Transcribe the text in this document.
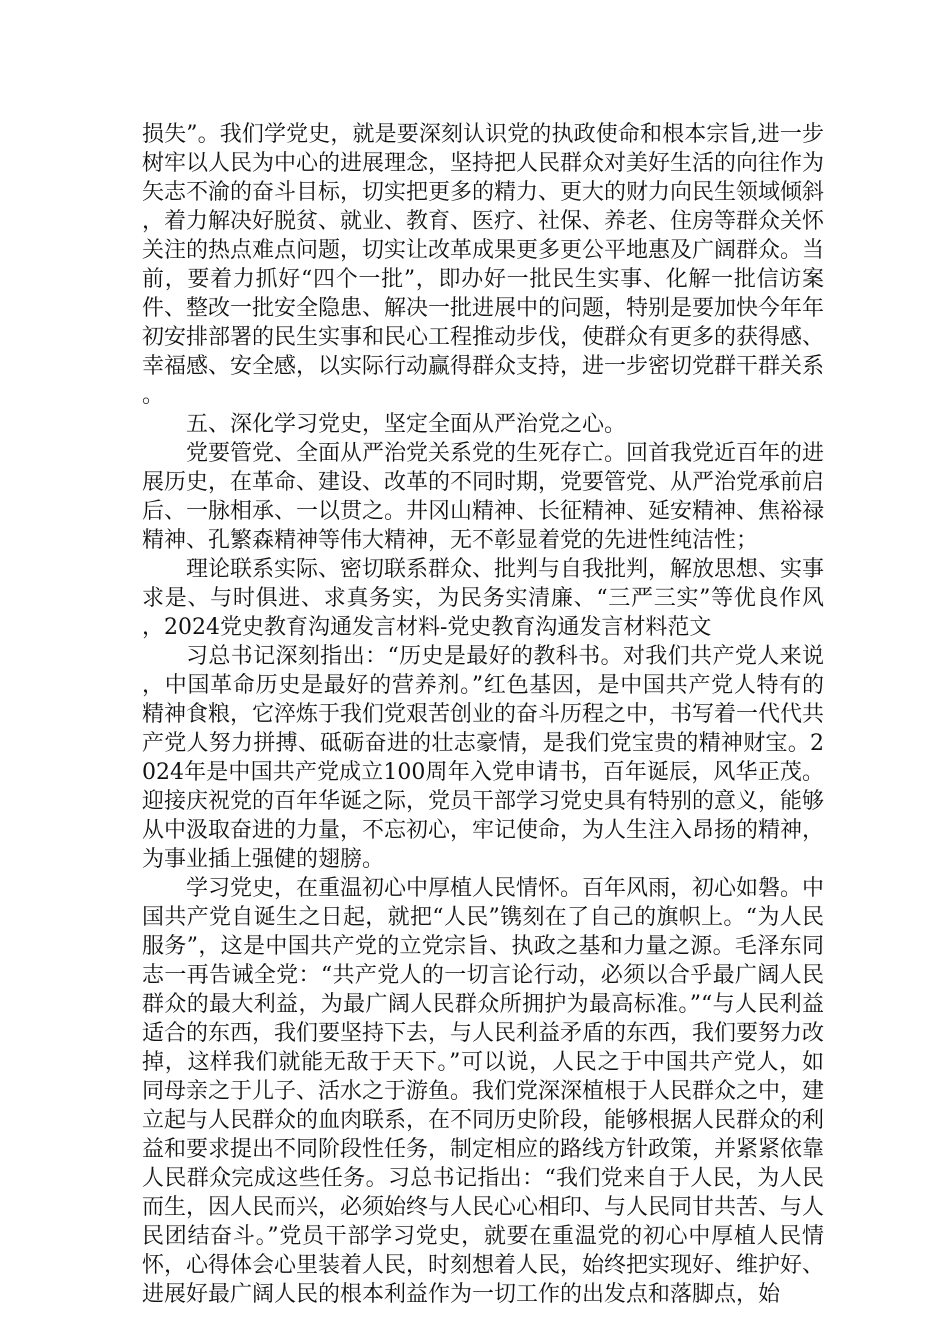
损失”。我们学党史，就是要深刻认识党的执政使命和根本宗旨,进一步树牢以人民为中心的进展理念，坚持把人民群众对美好生活的向往作为矢志不渝的奋斗目标，切实把更多的精力、更大的财力向民生领域倾斜，着力解决好脱贫、就业、教育、医疗、社保、养老、住房等群众关怀关注的热点难点问题，切实让改革成果更多更公平地惠及广阔群众。当前，要着力抓好“四个一批”，即办好一批民生实事、化解一批信访案件、整改一批安全隐患、解决一批进展中的问题，特别是要加快今年年初安排部署的民生实事和民心工程推动步伐，使群众有更多的获得感、幸福感、安全感，以实际行动赢得群众支持，进一步密切党群干群关系。

五、深化学习党史，坚定全面从严治党之心。

党要管党、全面从严治党关系党的生死存亡。回首我党近百年的进展历史，在革命、建设、改革的不同时期，党要管党、从严治党承前启后、一脉相承、一以贯之。井冈山精神、长征精神、延安精神、焦裕禄精神、孔繁森精神等伟大精神，无不彰显着党的先进性纯洁性；

理论联系实际、密切联系群众、批判与自我批判，解放思想、实事求是、与时俱进、求真务实，为民务实清廉、“三严三实”等优良作风，2024党史教育沟通发言材料-党史教育沟通发言材料范文

习总书记深刻指出：“历史是最好的教科书。对我们共产党人来说，中国革命历史是最好的营养剂。”红色基因，是中国共产党人特有的精神食粮，它淬炼于我们党艰苦创业的奋斗历程之中，书写着一代代共产党人努力拼搏、砥砺奋进的壮志豪情，是我们党宝贵的精神财宝。2024年是中国共产党成立100周年入党申请书，百年诞辰，风华正茂。迎接庆祝党的百年华诞之际，党员干部学习党史具有特别的意义，能够从中汲取奋进的力量，不忘初心，牢记使命，为人生注入昂扬的精神，为事业插上强健的翅膀。

学习党史，在重温初心中厚植人民情怀。百年风雨，初心如磐。中国共产党自诞生之日起，就把“人民”镌刻在了自己的旗帜上。“为人民服务”，这是中国共产党的立党宗旨、执政之基和力量之源。毛泽东同志一再告诫全党：“共产党人的一切言论行动，必须以合乎最广阔人民群众的最大利益，为最广阔人民群众所拥护为最高标准。”“与人民利益适合的东西，我们要坚持下去，与人民利益矛盾的东西，我们要努力改掉，这样我们就能无敌于天下。”可以说，人民之于中国共产党人，如同母亲之于儿子、活水之于游鱼。我们党深深植根于人民群众之中，建立起与人民群众的血肉联系，在不同历史阶段，能够根据人民群众的利益和要求提出不同阶段性任务，制定相应的路线方针政策，并紧紧依靠人民群众完成这些任务。习总书记指出：“我们党来自于人民，为人民而生，因人民而兴，必须始终与人民心心相印、与人民同甘共苦、与人民团结奋斗。”党员干部学习党史，就要在重温党的初心中厚植人民情怀，心得体会心里装着人民，时刻想着人民，始终把实现好、维护好、进展好最广阔人民的根本利益作为一切工作的出发点和落脚点，始
